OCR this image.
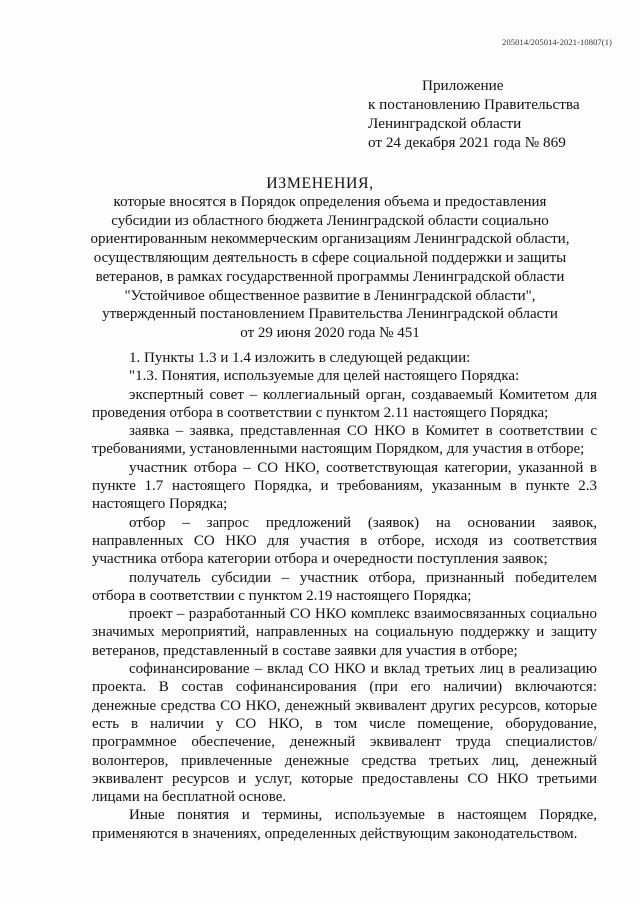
205014/205014-2021-10807(1)
Приложение
к постановлению Правительства
Ленинградской области
от 24 декабря 2021 года № 869
ИЗМЕНЕНИЯ,
которые вносятся в Порядок определения объема и предоставления
субсидии из областного бюджета Ленинградской области социально
ориентированным некоммерческим организациям Ленинградской области,
осуществляющим деятельность в сфере социальной поддержки и защиты
ветеранов, в рамках государственной программы Ленинградской области
"Устойчивое общественное развитие в Ленинградской области",
утвержденный постановлением Правительства Ленинградской области
от 29 июня 2020 года № 451

1. Пункты 1.3 и 1.4 изложить в следующей редакции:

"1.3. Понятия, используемые для целей настоящего Порядка:

экспертный совет – коллегиальный орган, создаваемый Комитетом для проведения отбора в соответствии с пунктом 2.11 настоящего Порядка;

заявка – заявка, представленная СО НКО в Комитет в соответствии с требованиями, установленными настоящим Порядком, для участия в отборе;

участник отбора – СО НКО, соответствующая категории, указанной в пункте 1.7 настоящего Порядка, и требованиям, указанным в пункте 2.3 настоящего Порядка;

отбор – запрос предложений (заявок) на основании заявок, направленных СО НКО для участия в отборе, исходя из соответствия участника отбора категории отбора и очередности поступления заявок;

получатель субсидии – участник отбора, признанный победителем отбора в соответствии с пунктом 2.19 настоящего Порядка;

проект – разработанный СО НКО комплекс взаимосвязанных социально значимых мероприятий, направленных на социальную поддержку и защиту ветеранов, представленный в составе заявки для участия в отборе;

софинансирование – вклад СО НКО и вклад третьих лиц в реализацию проекта. В состав софинансирования (при его наличии) включаются: денежные средства СО НКО, денежный эквивалент других ресурсов, которые есть в наличии у СО НКО, в том числе помещение, оборудование, программное обеспечение, денежный эквивалент труда специалистов/волонтеров, привлеченные денежные средства третьих лиц, денежный эквивалент ресурсов и услуг, которые предоставлены СО НКО третьими лицами на бесплатной основе.

Иные понятия и термины, используемые в настоящем Порядке, применяются в значениях, определенных действующим законодательством.
